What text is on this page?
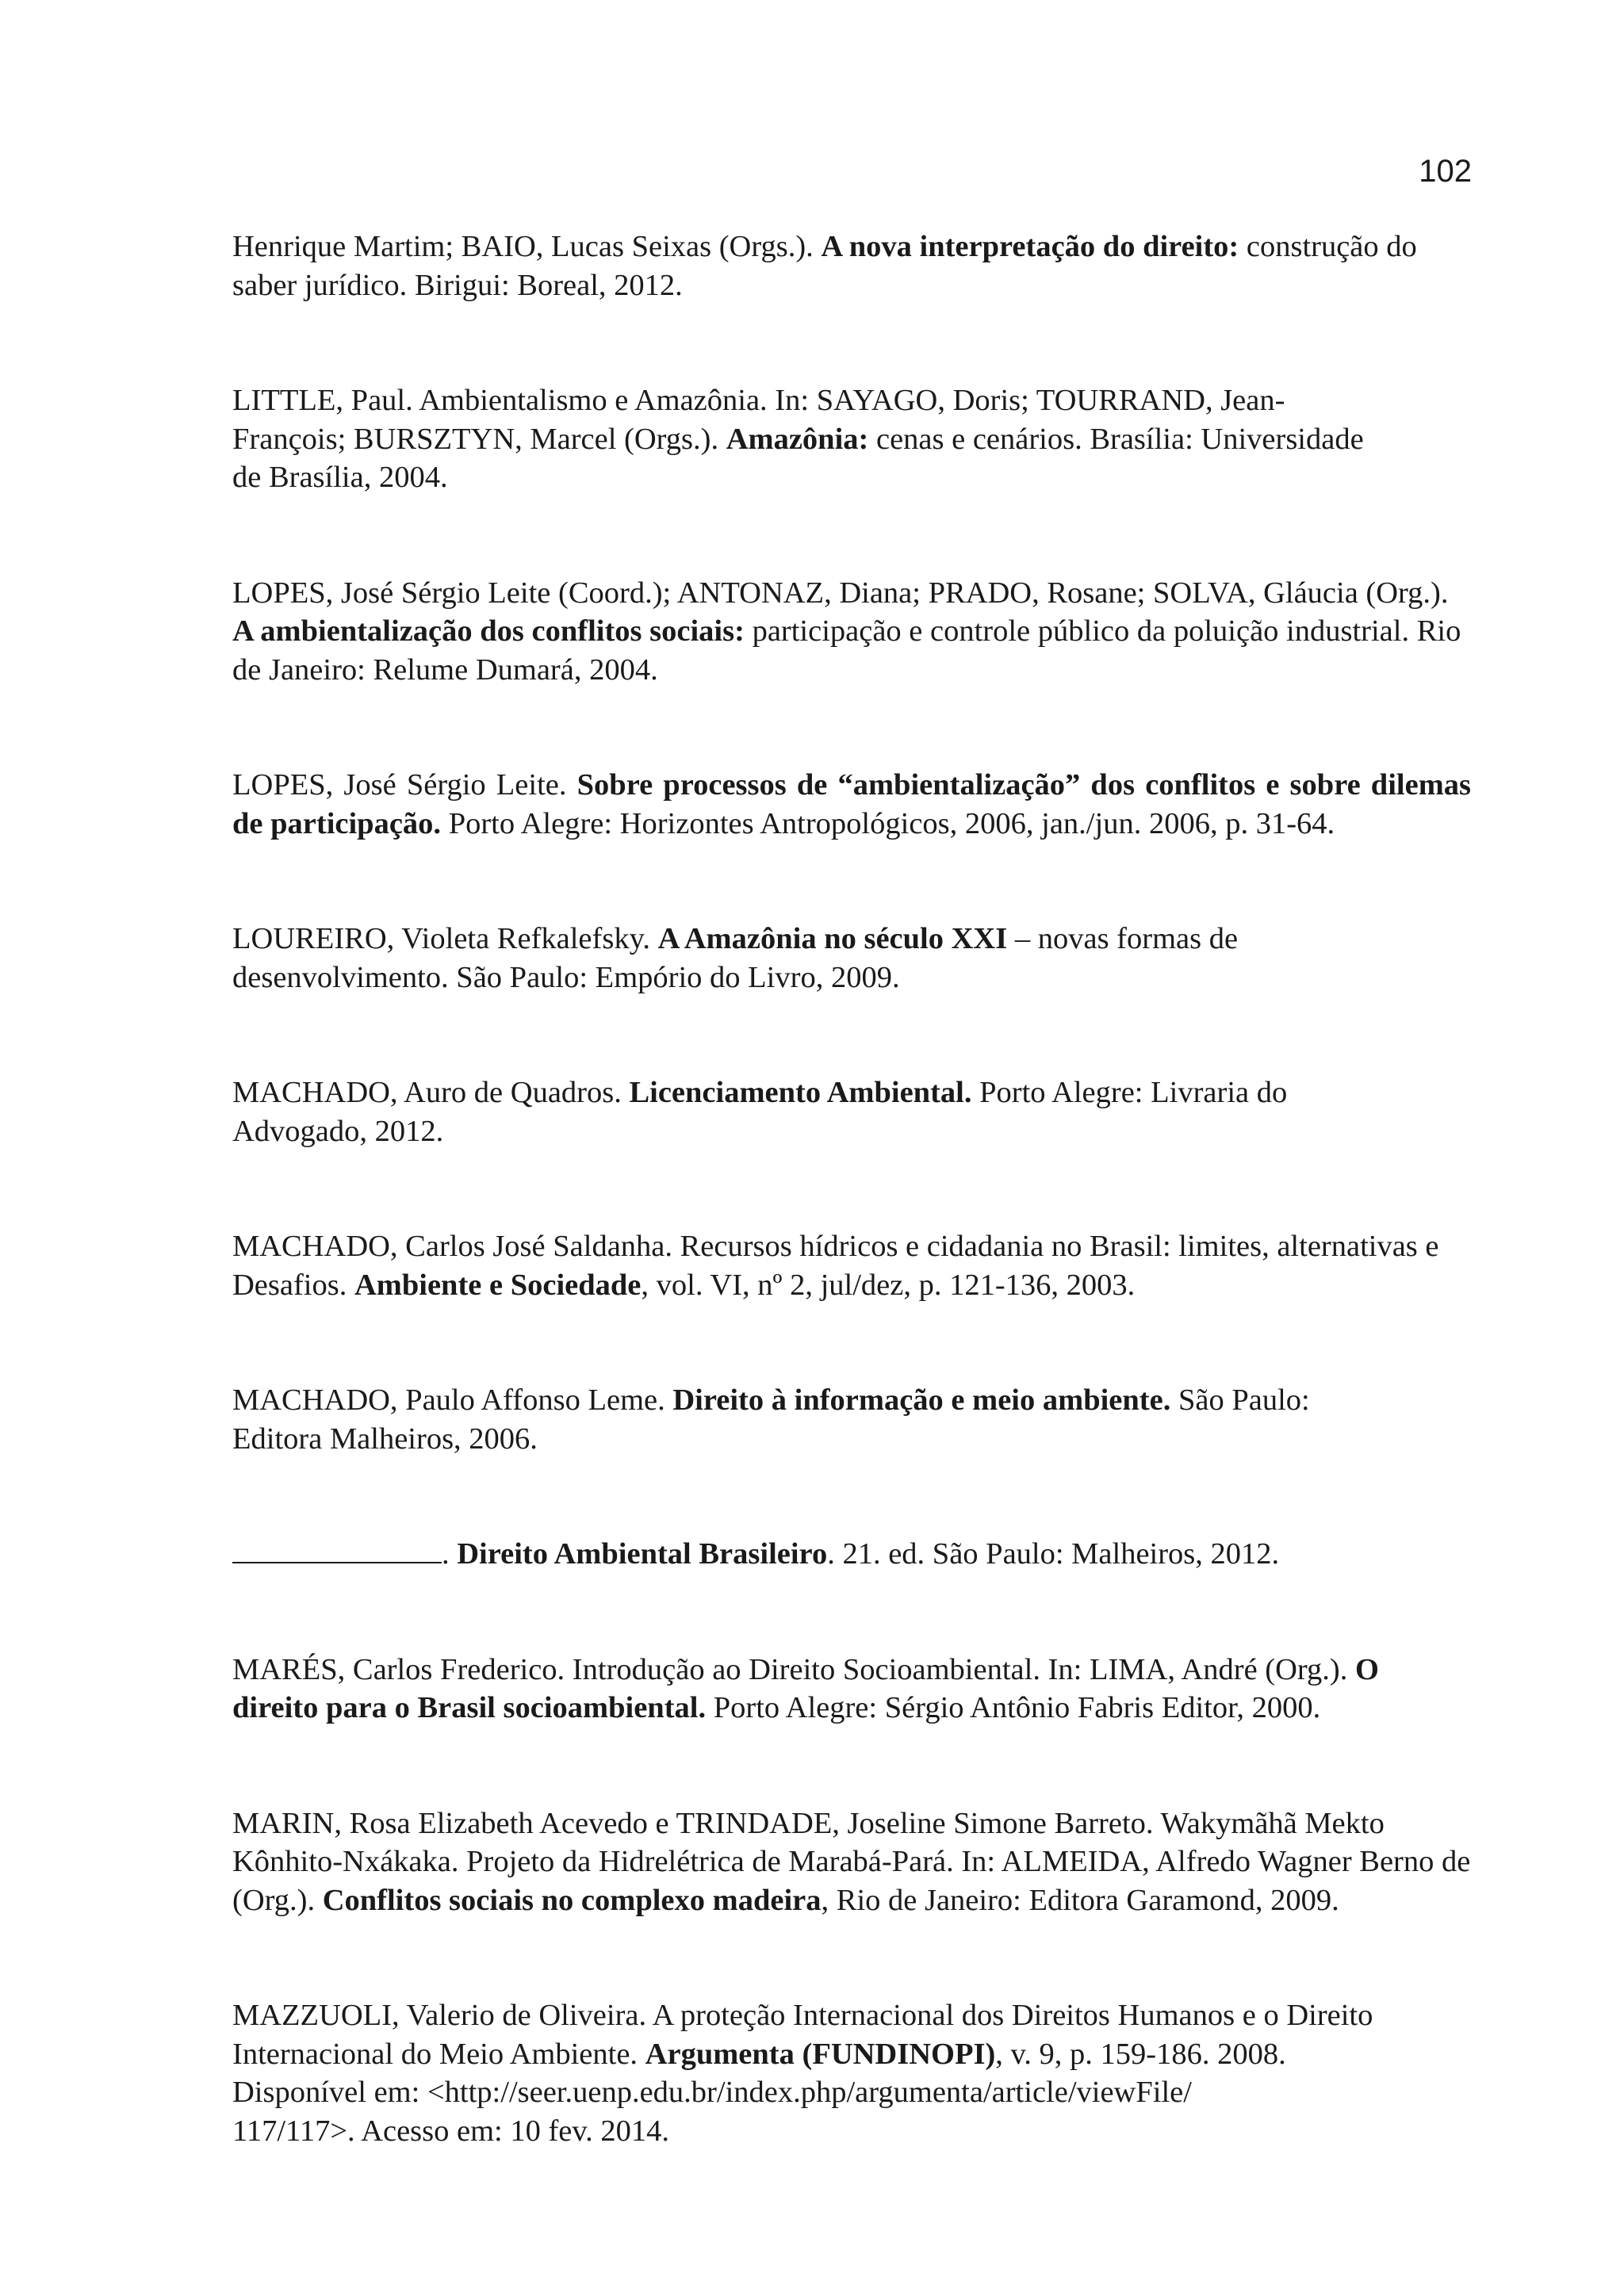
102

Henrique Martim; BAIO, Lucas Seixas (Orgs.). A nova interpretação do direito: construção do saber jurídico. Birigui: Boreal, 2012.

LITTLE, Paul. Ambientalismo e Amazônia. In: SAYAGO, Doris; TOURRAND, Jean-François; BURSZTYN, Marcel (Orgs.). Amazônia: cenas e cenários. Brasília: Universidade de Brasília, 2004.

LOPES, José Sérgio Leite (Coord.); ANTONAZ, Diana; PRADO, Rosane; SOLVA, Gláucia (Org.). A ambientalização dos conflitos sociais: participação e controle público da poluição industrial. Rio de Janeiro: Relume Dumará, 2004.

LOPES, José Sérgio Leite. Sobre processos de “ambientalização” dos conflitos e sobre dilemas de participação. Porto Alegre: Horizontes Antropológicos, 2006, jan./jun. 2006, p. 31-64.

LOUREIRO, Violeta Refkalefsky. A Amazônia no século XXI – novas formas de desenvolvimento. São Paulo: Empório do Livro, 2009.

MACHADO, Auro de Quadros. Licenciamento Ambiental. Porto Alegre: Livraria do Advogado, 2012.

MACHADO, Carlos José Saldanha. Recursos hídricos e cidadania no Brasil: limites, alternativas e Desafios. Ambiente e Sociedade, vol. VI, nº 2, jul/dez, p. 121-136, 2003.

MACHADO, Paulo Affonso Leme. Direito à informação e meio ambiente. São Paulo: Editora Malheiros, 2006.

. Direito Ambiental Brasileiro. 21. ed. São Paulo: Malheiros, 2012.

MARÉS, Carlos Frederico. Introdução ao Direito Socioambiental. In: LIMA, André (Org.). O direito para o Brasil socioambiental. Porto Alegre: Sérgio Antônio Fabris Editor, 2000.

MARIN, Rosa Elizabeth Acevedo e TRINDADE, Joseline Simone Barreto. Wakymãhã Mekto Kônhito-Nxákaka. Projeto da Hidrelétrica de Marabá-Pará. In: ALMEIDA, Alfredo Wagner Berno de (Org.). Conflitos sociais no complexo madeira, Rio de Janeiro: Editora Garamond, 2009.

MAZZUOLI, Valerio de Oliveira. A proteção Internacional dos Direitos Humanos e o Direito Internacional do Meio Ambiente. Argumenta (FUNDINOPI), v. 9, p. 159-186. 2008.
Disponível em: <http://seer.uenp.edu.br/index.php/argumenta/article/viewFile/
117/117>. Acesso em: 10 fev. 2014.
